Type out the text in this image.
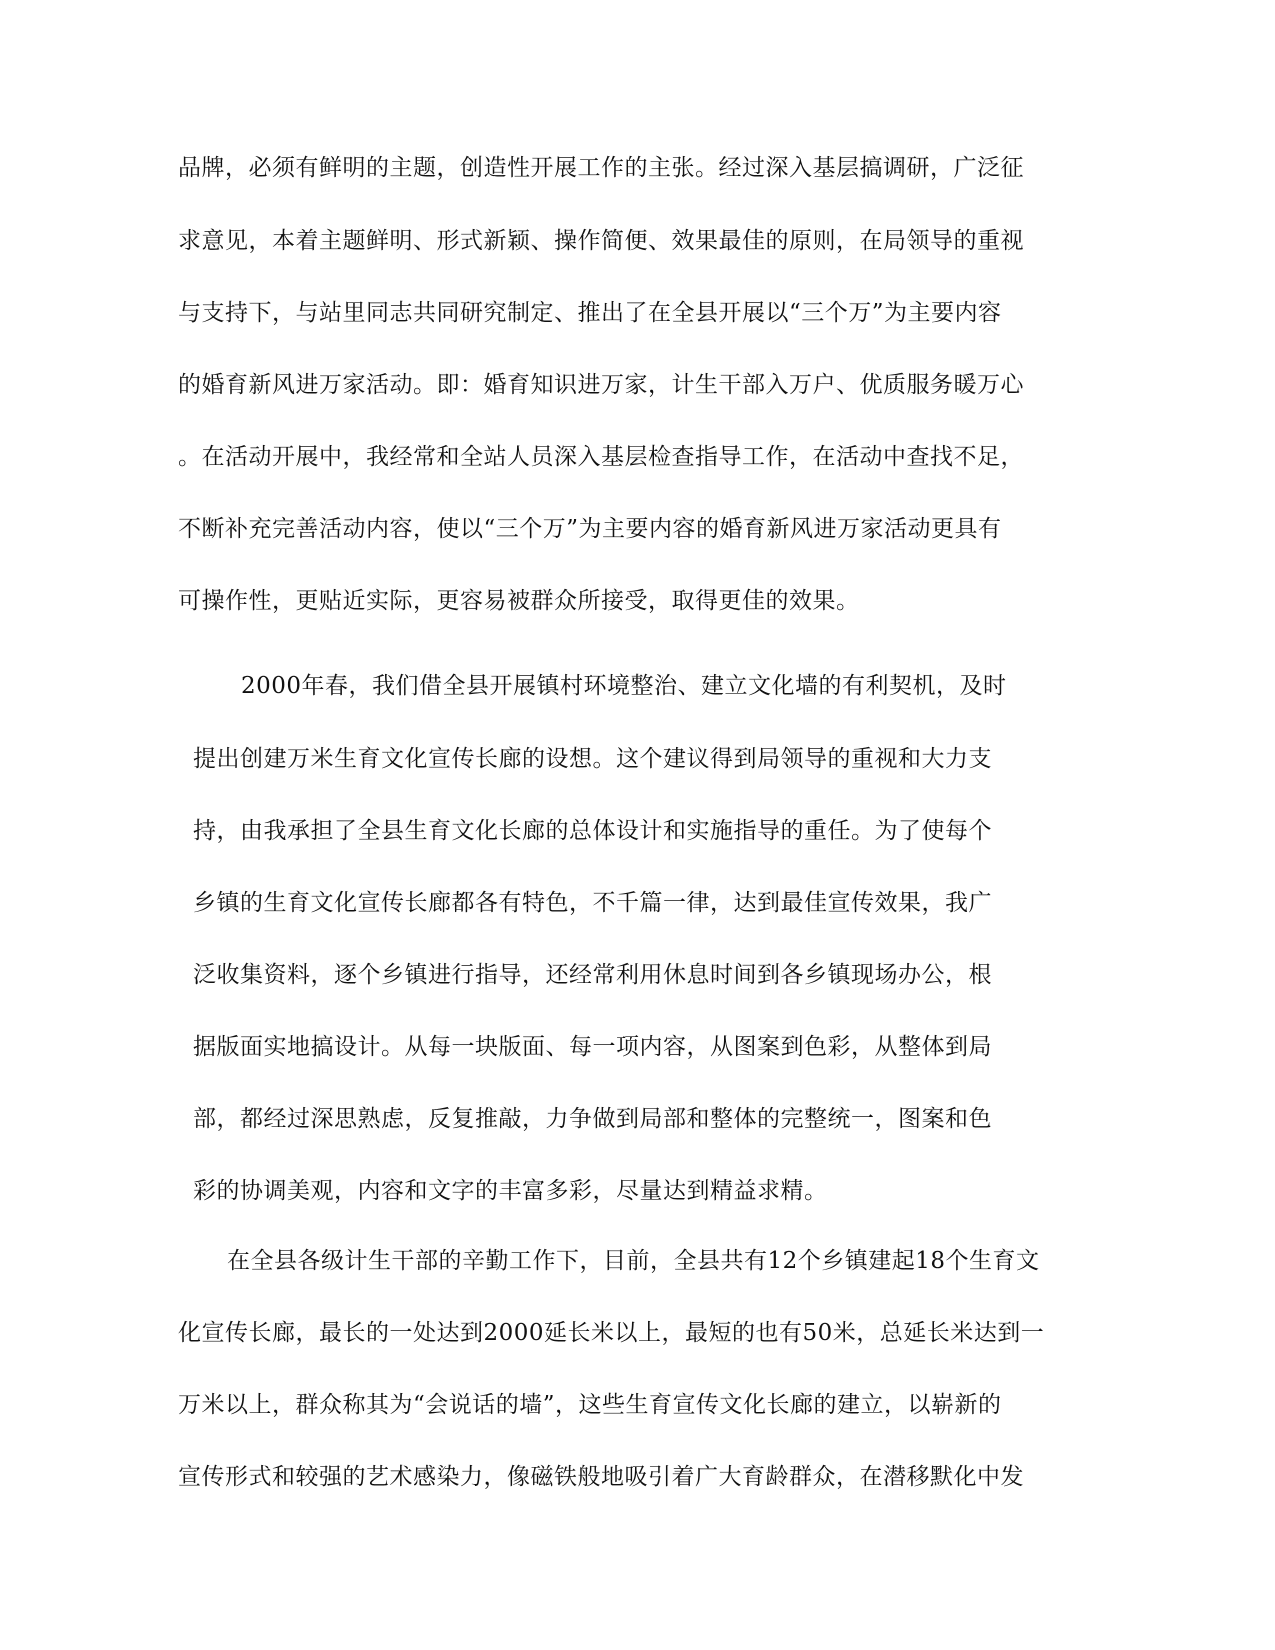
品牌，必须有鲜明的主题，创造性开展工作的主张。经过深入基层搞调研，广泛征
求意见，本着主题鲜明、形式新颖、操作简便、效果最佳的原则，在局领导的重视
与支持下，与站里同志共同研究制定、推出了在全县开展以“三个万”为主要内容
的婚育新风进万家活动。即：婚育知识进万家，计生干部入万户、优质服务暖万心
。在活动开展中，我经常和全站人员深入基层检查指导工作，在活动中查找不足，
不断补充完善活动内容，使以“三个万”为主要内容的婚育新风进万家活动更具有
可操作性，更贴近实际，更容易被群众所接受，取得更佳的效果。
2000年春，我们借全县开展镇村环境整治、建立文化墙的有利契机，及时
提出创建万米生育文化宣传长廊的设想。这个建议得到局领导的重视和大力支
持，由我承担了全县生育文化长廊的总体设计和实施指导的重任。为了使每个
乡镇的生育文化宣传长廊都各有特色，不千篇一律，达到最佳宣传效果，我广
泛收集资料，逐个乡镇进行指导，还经常利用休息时间到各乡镇现场办公，根
据版面实地搞设计。从每一块版面、每一项内容，从图案到色彩，从整体到局
部，都经过深思熟虑，反复推敲，力争做到局部和整体的完整统一，图案和色
彩的协调美观，内容和文字的丰富多彩，尽量达到精益求精。
在全县各级计生干部的辛勤工作下，目前，全县共有12个乡镇建起18个生育文
化宣传长廊，最长的一处达到2000延长米以上，最短的也有50米，总延长米达到一
万米以上，群众称其为“会说话的墙”，这些生育宣传文化长廊的建立，以崭新的
宣传形式和较强的艺术感染力，像磁铁般地吸引着广大育龄群众，在潜移默化中发
